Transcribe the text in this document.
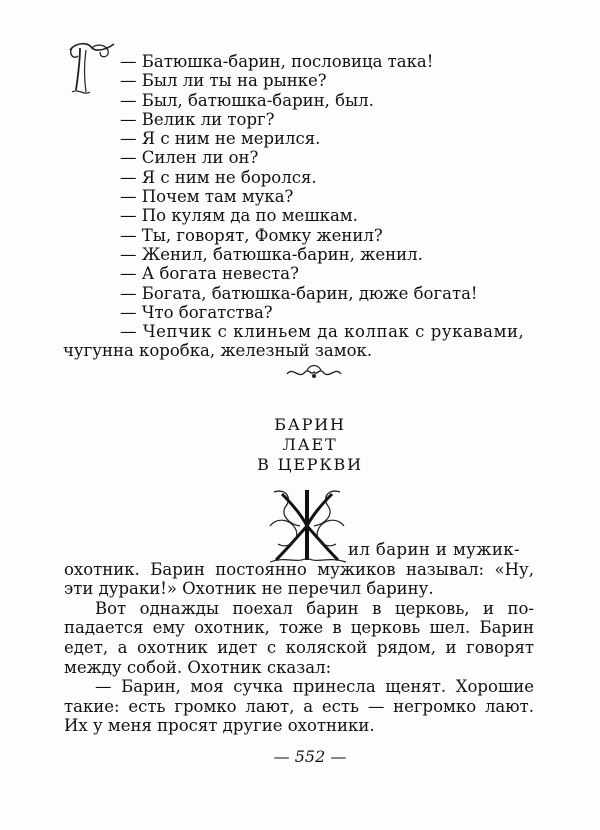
— Батюшка-барин, пословица така!
— Был ли ты на рынке?
— Был, батюшка-барин, был.
— Велик ли торг?
— Я с ним не мерился.
— Силен ли он?
— Я с ним не боролся.
— Почем там мука?
— По кулям да по мешкам.
— Ты, говорят, Фомку женил?
— Женил, батюшка-барин, женил.
— А богата невеста?
— Богата, батюшка-барин, дюже богата!
— Что богатства?
— Чепчик с клиньем да колпак с рукавами,
чугунна коробка, железный замок.
БАРИН
ЛАЕТ
В ЦЕРКВИ
Ж
ил барин и мужик-
охотник. Барин постоянно мужиков называл: «Ну,
эти дураки!» Охотник не перечил барину.
Вот однажды поехал барин в церковь, и по-
падается ему охотник, тоже в церковь шел. Барин
едет, а охотник идет с коляской рядом, и говорят
между собой. Охотник сказал:
— Барин, моя сучка принесла щенят. Хорошие
такие: есть громко лают, а есть — негромко лают.
Их у меня просят другие охотники.
— 552 —
